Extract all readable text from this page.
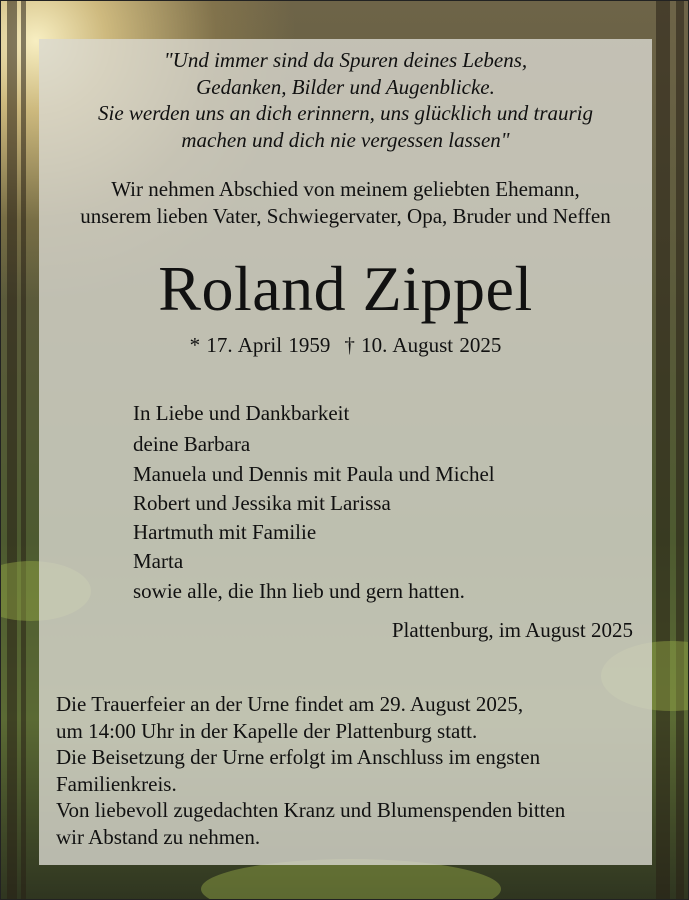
"Und immer sind da Spuren deines Lebens,
Gedanken, Bilder und Augenblicke.
Sie werden uns an dich erinnern, uns glücklich und traurig
machen und dich nie vergessen lassen"
Wir nehmen Abschied von meinem geliebten Ehemann,
unserem lieben Vater, Schwiegervater, Opa, Bruder und Neffen
Roland Zippel
* 17. April 1959 † 10. August 2025
In Liebe und Dankbarkeit
deine Barbara
Manuela und Dennis mit Paula und Michel
Robert und Jessika mit Larissa
Hartmuth mit Familie
Marta
sowie alle, die Ihn lieb und gern hatten.
Plattenburg, im August 2025
Die Trauerfeier an der Urne findet am 29. August 2025,
um 14:00 Uhr in der Kapelle der Plattenburg statt.
Die Beisetzung der Urne erfolgt im Anschluss im engsten
Familienkreis.
Von liebevoll zugedachten Kranz und Blumenspenden bitten
wir Abstand zu nehmen.
